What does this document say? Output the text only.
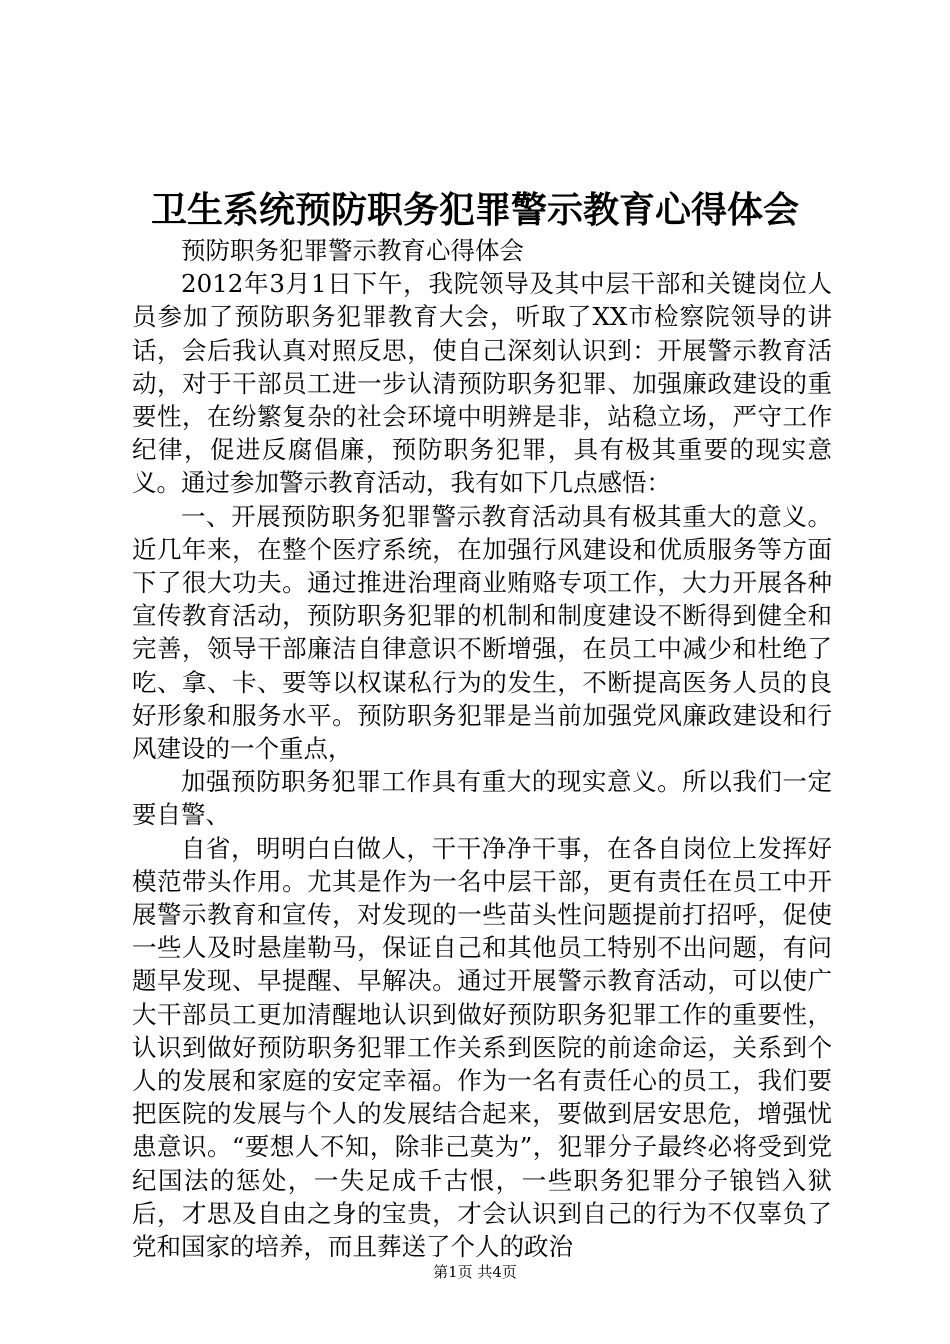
卫生系统预防职务犯罪警示教育心得体会

预防职务犯罪警示教育心得体会

2012年3月1日下午，我院领导及其中层干部和关键岗位人员参加了预防职务犯罪教育大会，听取了XX市检察院领导的讲话，会后我认真对照反思，使自己深刻认识到：开展警示教育活动，对于干部员工进一步认清预防职务犯罪、加强廉政建设的重要性，在纷繁复杂的社会环境中明辨是非，站稳立场，严守工作纪律，促进反腐倡廉，预防职务犯罪，具有极其重要的现实意义。通过参加警示教育活动，我有如下几点感悟：

一、开展预防职务犯罪警示教育活动具有极其重大的意义。近几年来，在整个医疗系统，在加强行风建设和优质服务等方面下了很大功夫。通过推进治理商业贿赂专项工作，大力开展各种宣传教育活动，预防职务犯罪的机制和制度建设不断得到健全和完善，领导干部廉洁自律意识不断增强，在员工中减少和杜绝了吃、拿、卡、要等以权谋私行为的发生，不断提高医务人员的良好形象和服务水平。预防职务犯罪是当前加强党风廉政建设和行风建设的一个重点，

加强预防职务犯罪工作具有重大的现实意义。所以我们一定要自警、

自省，明明白白做人，干干净净干事，在各自岗位上发挥好模范带头作用。尤其是作为一名中层干部，更有责任在员工中开展警示教育和宣传，对发现的一些苗头性问题提前打招呼，促使一些人及时悬崖勒马，保证自己和其他员工特别不出问题，有问题早发现、早提醒、早解决。通过开展警示教育活动，可以使广大干部员工更加清醒地认识到做好预防职务犯罪工作的重要性，认识到做好预防职务犯罪工作关系到医院的前途命运，关系到个人的发展和家庭的安定幸福。作为一名有责任心的员工，我们要把医院的发展与个人的发展结合起来，要做到居安思危，增强忧患意识。“要想人不知，除非己莫为”，犯罪分子最终必将受到党纪国法的惩处，一失足成千古恨，一些职务犯罪分子锒铛入狱后，才思及自由之身的宝贵，才会认识到自己的行为不仅辜负了党和国家的培养，而且葬送了个人的政治

第1页 共4页
